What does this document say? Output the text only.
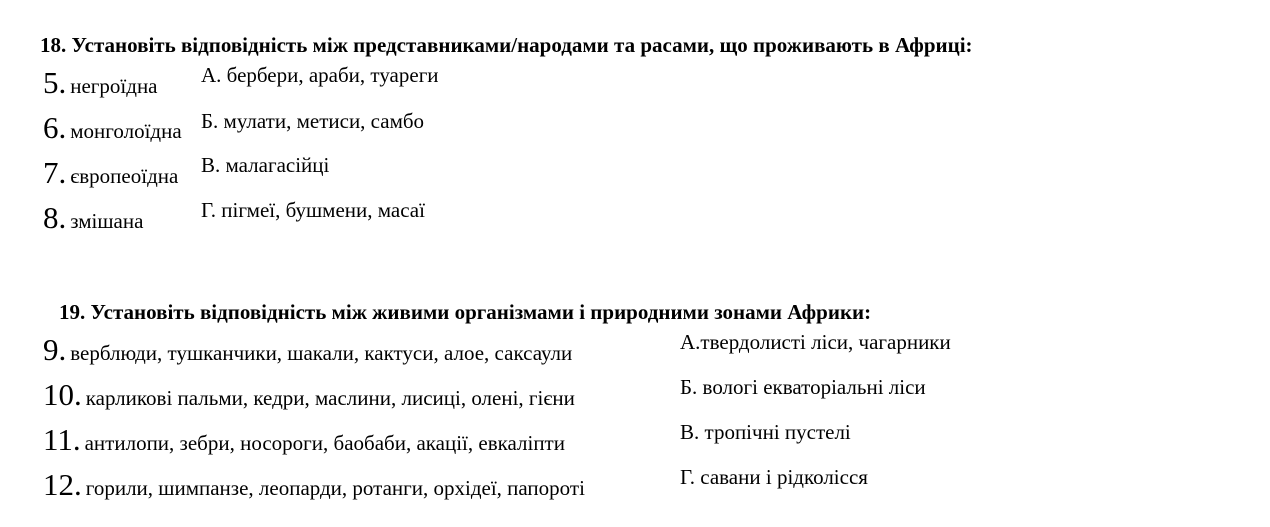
18. Установіть відповідність між представниками/народами та расами, що проживають в Африці:
5. негроїдна
6. монголоїдна
7. європеоїдна
8. змішана
А. бербери, араби, туареги
Б. мулати, метиси, самбо
В. малагасійці
Г. пігмеї, бушмени, масаї
19. Установіть відповідність між живими організмами і природними зонами Африки:
9. верблюди, тушканчики, шакали, кактуси, алое, саксаули
10. карликові пальми, кедри, маслини, лисиці, олені, гієни
11. антилопи, зебри, носороги, баобаби, акації, евкаліпти
12. горили, шимпанзе, леопарди, ротанги, орхідеї, папороті
А.твердолисті ліси, чагарники
Б. вологі екваторіальні ліси
В. тропічні пустелі
Г. савани і рідколісся
